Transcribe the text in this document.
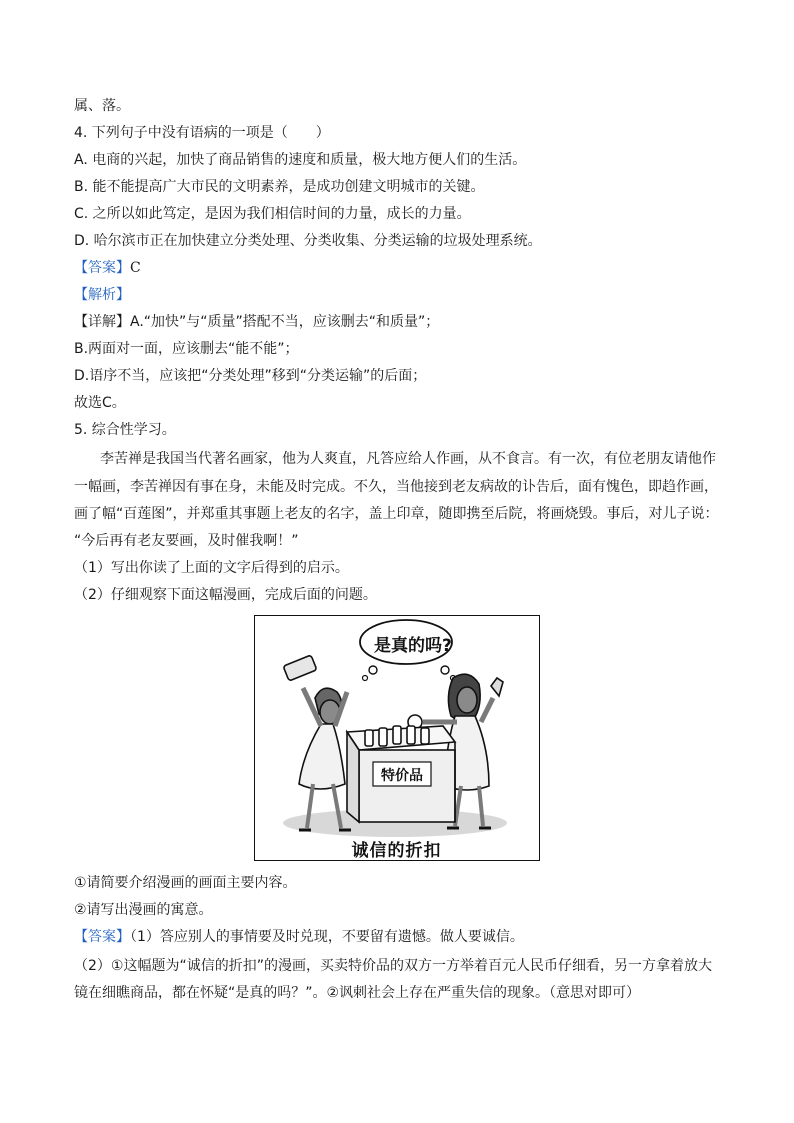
属、落。
4. 下列句子中没有语病的一项是（　　）
A. 电商的兴起，加快了商品销售的速度和质量，极大地方便人们的生活。
B. 能不能提高广大市民的文明素养，是成功创建文明城市的关键。
C. 之所以如此笃定，是因为我们相信时间的力量，成长的力量。
D. 哈尔滨市正在加快建立分类处理、分类收集、分类运输的垃圾处理系统。
【答案】C
【解析】
【详解】A.“加快”与“质量”搭配不当，应该删去“和质量”；
B.两面对一面，应该删去“能不能”；
D.语序不当，应该把“分类处理”移到“分类运输”的后面；
故选C。
5. 综合性学习。
李苦禅是我国当代著名画家，他为人爽直，凡答应给人作画，从不食言。有一次，有位老朋友请他作
一幅画，李苦禅因有事在身，未能及时完成。不久，当他接到老友病故的讣告后，面有愧色，即趋作画，
画了幅“百莲图”，并郑重其事题上老友的名字，盖上印章，随即携至后院，将画烧毁。事后，对儿子说：
“今后再有老友要画，及时催我啊！”
（1）写出你读了上面的文字后得到的启示。
（2）仔细观察下面这幅漫画，完成后面的问题。
是真的吗?
特价品
诚信的折扣
①请简要介绍漫画的画面主要内容。
②请写出漫画的寓意。
【答案】（1）答应别人的事情要及时兑现，不要留有遗憾。做人要诚信。
（2）①这幅题为“诚信的折扣”的漫画，买卖特价品的双方一方举着百元人民币仔细看，另一方拿着放大
镜在细瞧商品，都在怀疑“是真的吗？”。②讽刺社会上存在严重失信的现象。（意思对即可）
